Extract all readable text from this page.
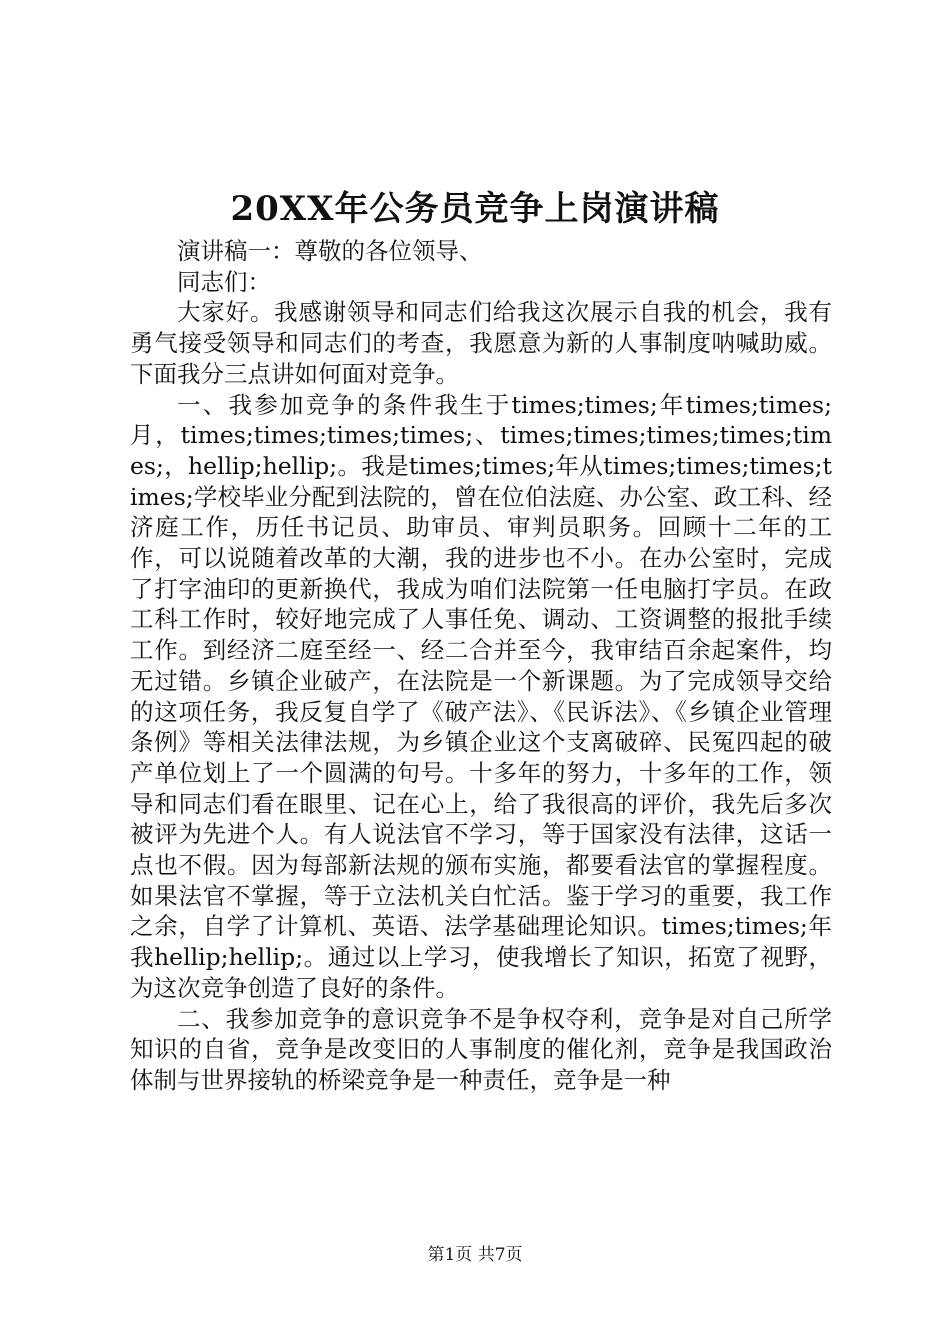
20XX年公务员竞争上岗演讲稿

演讲稿一：尊敬的各位领导、

同志们：

大家好。我感谢领导和同志们给我这次展示自我的机会，我有勇气接受领导和同志们的考查，我愿意为新的人事制度呐喊助威。下面我分三点讲如何面对竞争。

一、我参加竞争的条件我生于times;times;年times;times;月，times;times;times;times;、times;times;times;times;times;，hellip;hellip;。我是times;times;年从times;times;times;times;学校毕业分配到法院的，曾在位伯法庭、办公室、政工科、经济庭工作，历任书记员、助审员、审判员职务。回顾十二年的工作，可以说随着改革的大潮，我的进步也不小。在办公室时，完成了打字油印的更新换代，我成为咱们法院第一任电脑打字员。在政工科工作时，较好地完成了人事任免、调动、工资调整的报批手续工作。到经济二庭至经一、经二合并至今，我审结百余起案件，均无过错。乡镇企业破产，在法院是一个新课题。为了完成领导交给的这项任务，我反复自学了《破产法》、《民诉法》、《乡镇企业管理条例》等相关法律法规，为乡镇企业这个支离破碎、民冤四起的破产单位划上了一个圆满的句号。十多年的努力，十多年的工作，领导和同志们看在眼里、记在心上，给了我很高的评价，我先后多次被评为先进个人。有人说法官不学习，等于国家没有法律，这话一点也不假。因为每部新法规的颁布实施，都要看法官的掌握程度。如果法官不掌握，等于立法机关白忙活。鉴于学习的重要，我工作之余，自学了计算机、英语、法学基础理论知识。times;times;年我hellip;hellip;。通过以上学习，使我增长了知识，拓宽了视野，为这次竞争创造了良好的条件。

二、我参加竞争的意识竞争不是争权夺利，竞争是对自己所学知识的自省，竞争是改变旧的人事制度的催化剂，竞争是我国政治体制与世界接轨的桥梁竞争是一种责任，竞争是一种

第1页 共7页
